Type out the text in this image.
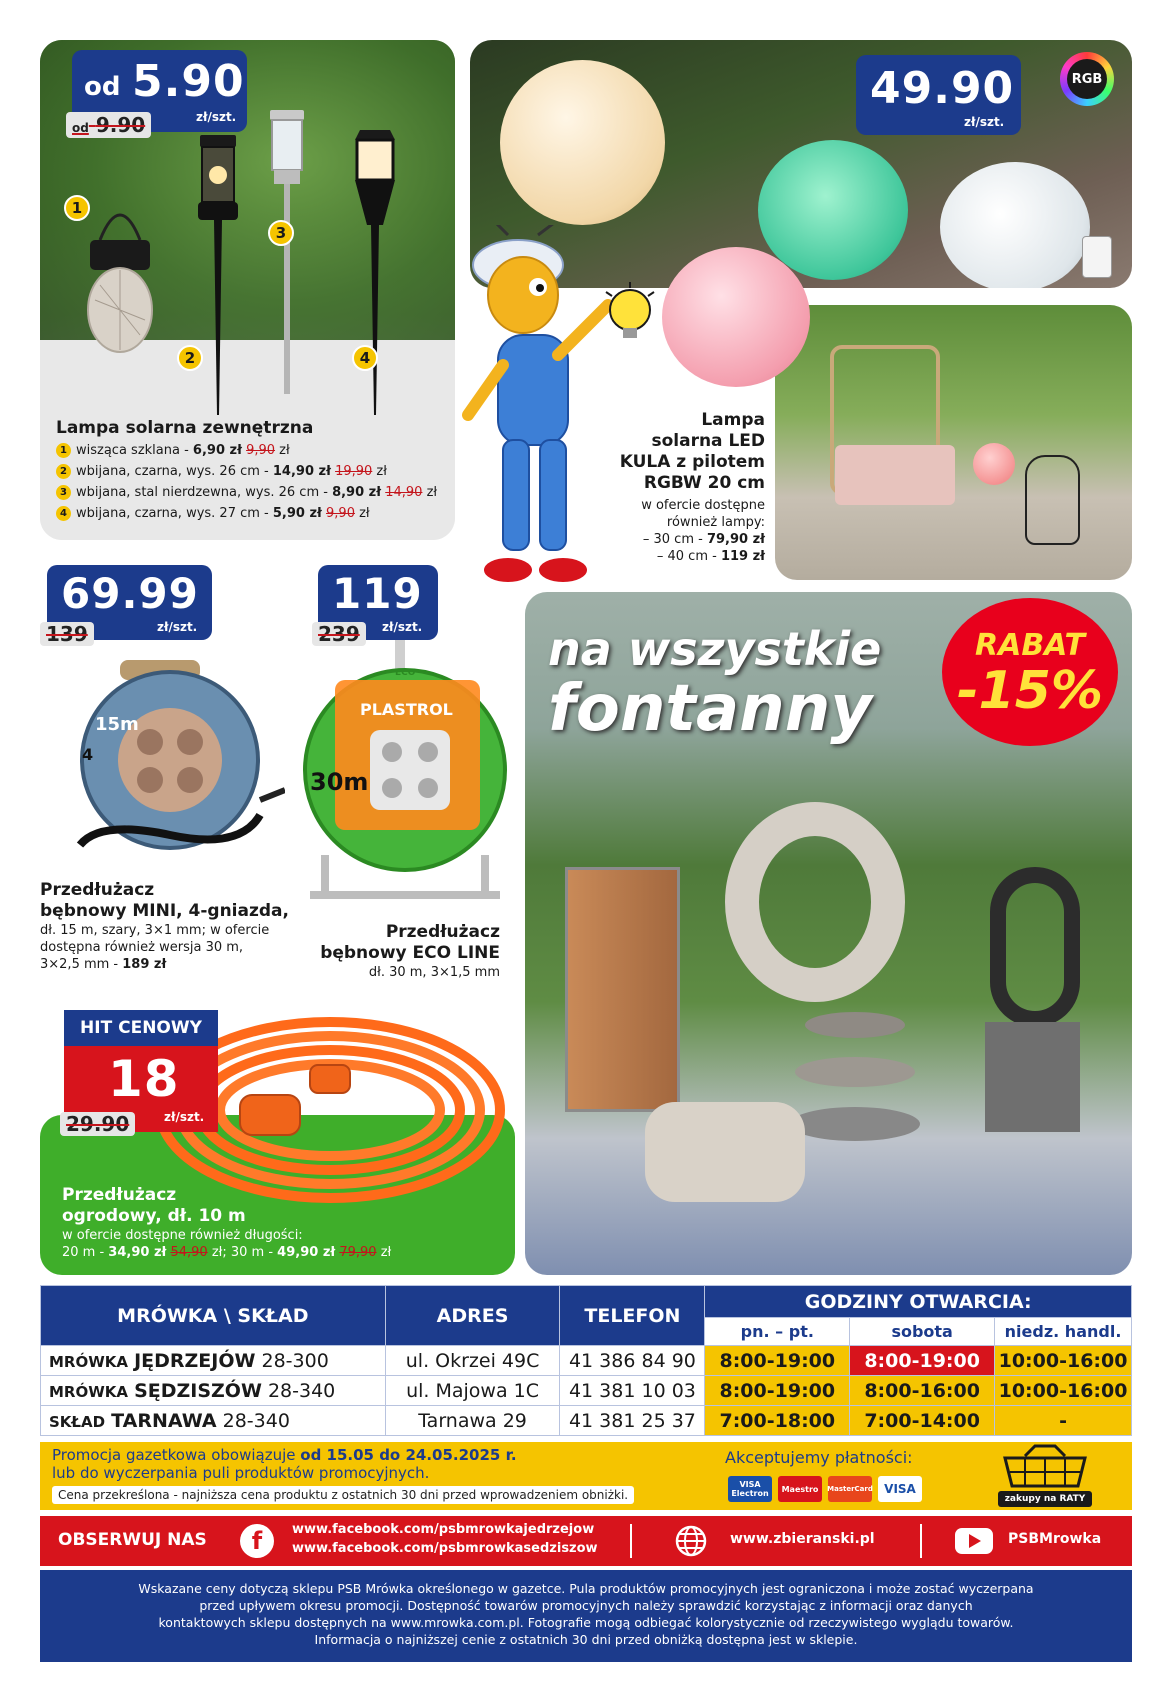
1
2
3
4
Lampa solarna zewnętrzna
1 wisząca szklana - 6,90 zł 9,90 zł
2 wbijana, czarna, wys. 26 cm - 14,90 zł 19,90 zł
3 wbijana, stal nierdzewna, wys. 26 cm - 8,90 zł 14,90 zł
4 wbijana, czarna, wys. 27 cm - 5,90 zł 9,90 zł
od 5.90
zł/szt.
od 9.90
49.90
zł/szt.
RGB
Lampa
solarna LED
KULA z pilotem
RGBW 20 cm
w ofercie dostępne
również lampy:
– 30 cm - 79,90 zł
– 40 cm - 119 zł
69.99
zł/szt.
139
15m
4
Przedłużacz
bębnowy MINI, 4-gniazda,
dł. 15 m, szary, 3×1 mm; w ofercie
dostępna również wersja 30 m,
3×2,5 mm - 189 zł
119
zł/szt.
239
PLASTROL
ECO
30m
Przedłużacz
bębnowy ECO LINE
dł. 30 m, 3×1,5 mm
HIT CENOWY
18
zł/szt.
29.90
Przedłużacz
ogrodowy, dł. 10 m
w ofercie dostępne również długości:
20 m - 34,90 zł 54,90 zł; 30 m - 49,90 zł 79,90 zł
na wszystkie
fontanny
RABAT
-15%
MRÓWKA \ SKŁAD	ADRES	TELEFON	GODZINY OTWARCIA:		
			pn. – pt.	sobota	niedz. handl.
MRÓWKA JĘDRZEJÓW 28-300	ul. Okrzei 49C	41 386 84 90	8:00-19:00	8:00-19:00	10:00-16:00
MRÓWKA SĘDZISZÓW 28-340	ul. Majowa 1C	41 381 10 03	8:00-19:00	8:00-16:00	10:00-16:00
SKŁAD TARNAWA 28-340	Tarnawa 29	41 381 25 37	7:00-18:00	7:00-14:00	-
Promocja gazetkowa obowiązuje od 15.05 do 24.05.2025 r.
lub do wyczerpania puli produktów promocyjnych.
Cena przekreślona - najniższa cena produktu z ostatnich 30 dni przed wprowadzeniem obniżki.
Akceptujemy płatności:
VISA Electron	Maestro	MasterCard VISA
zakupy na RATY
OBSERWUJ NAS	f	www.facebook.com/psbmrowkajedrzejow
www.facebook.com/psbmrowkasedziszow
www.zbieranski.pl	PSBMrowka
Wskazane ceny dotyczą sklepu PSB Mrówka określonego w gazetce. Pula produktów promocyjnych jest ograniczona i może zostać wyczerpana
przed upływem okresu promocji. Dostępność towarów promocyjnych należy sprawdzić korzystając z informacji oraz danych
kontaktowych sklepu dostępnych na www.mrowka.com.pl. Fotografie mogą odbiegać kolorystycznie od rzeczywistego wyglądu towarów.
Informacja o najniższej cenie z ostatnich 30 dni przed obniżką dostępna jest w sklepie.
